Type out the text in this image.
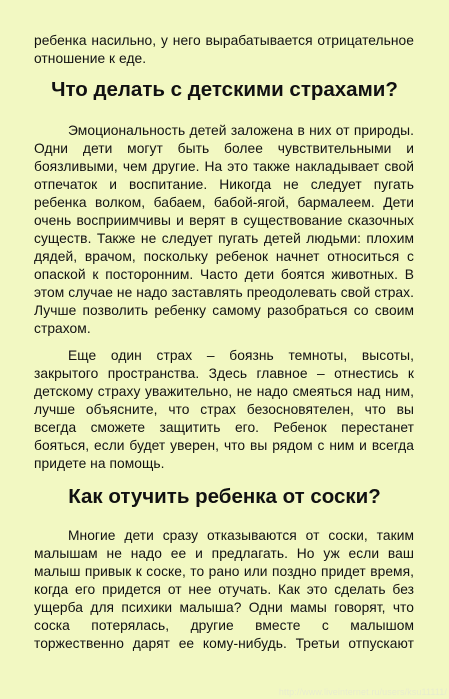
ребенка насильно, у него вырабатывается отрицательное
отношение к еде.
Что делать с детскими страхами?
Эмоциональность детей заложена в них от природы.
Одни дети могут быть более чувствительными и
боязливыми, чем другие. На это также накладывает свой
отпечаток и воспитание. Никогда не следует пугать
ребенка волком, бабаем, бабой-ягой, бармалеем. Дети
очень восприимчивы и верят в существование сказочных
существ. Также не следует пугать детей людьми: плохим
дядей, врачом, поскольку ребенок начнет относиться с
опаской к посторонним. Часто дети боятся животных. В
этом случае не надо заставлять преодолевать свой страх.
Лучше позволить ребенку самому разобраться со своим
страхом.
Еще один страх – боязнь темноты, высоты,
закрытого пространства. Здесь главное – отнестись к
детскому страху уважительно, не надо смеяться над ним,
лучше объясните, что страх безосновятелен, что вы
всегда сможете защитить его. Ребенок перестанет
бояться, если будет уверен, что вы рядом с ним и всегда
придете на помощь.
Как отучить ребенка от соски?
Многие дети сразу отказываются от соски, таким
малышам не надо ее и предлагать. Но уж если ваш
малыш привык к соске, то рано или поздно придет время,
когда его придется от нее отучать. Как это сделать без
ущерба для психики малыша? Одни мамы говорят, что
соска потерялась, другие вместе с малышом
торжественно дарят ее кому-нибудь. Третьи отпускают
http://www.liveinternet.ru/users/ksu11111/
